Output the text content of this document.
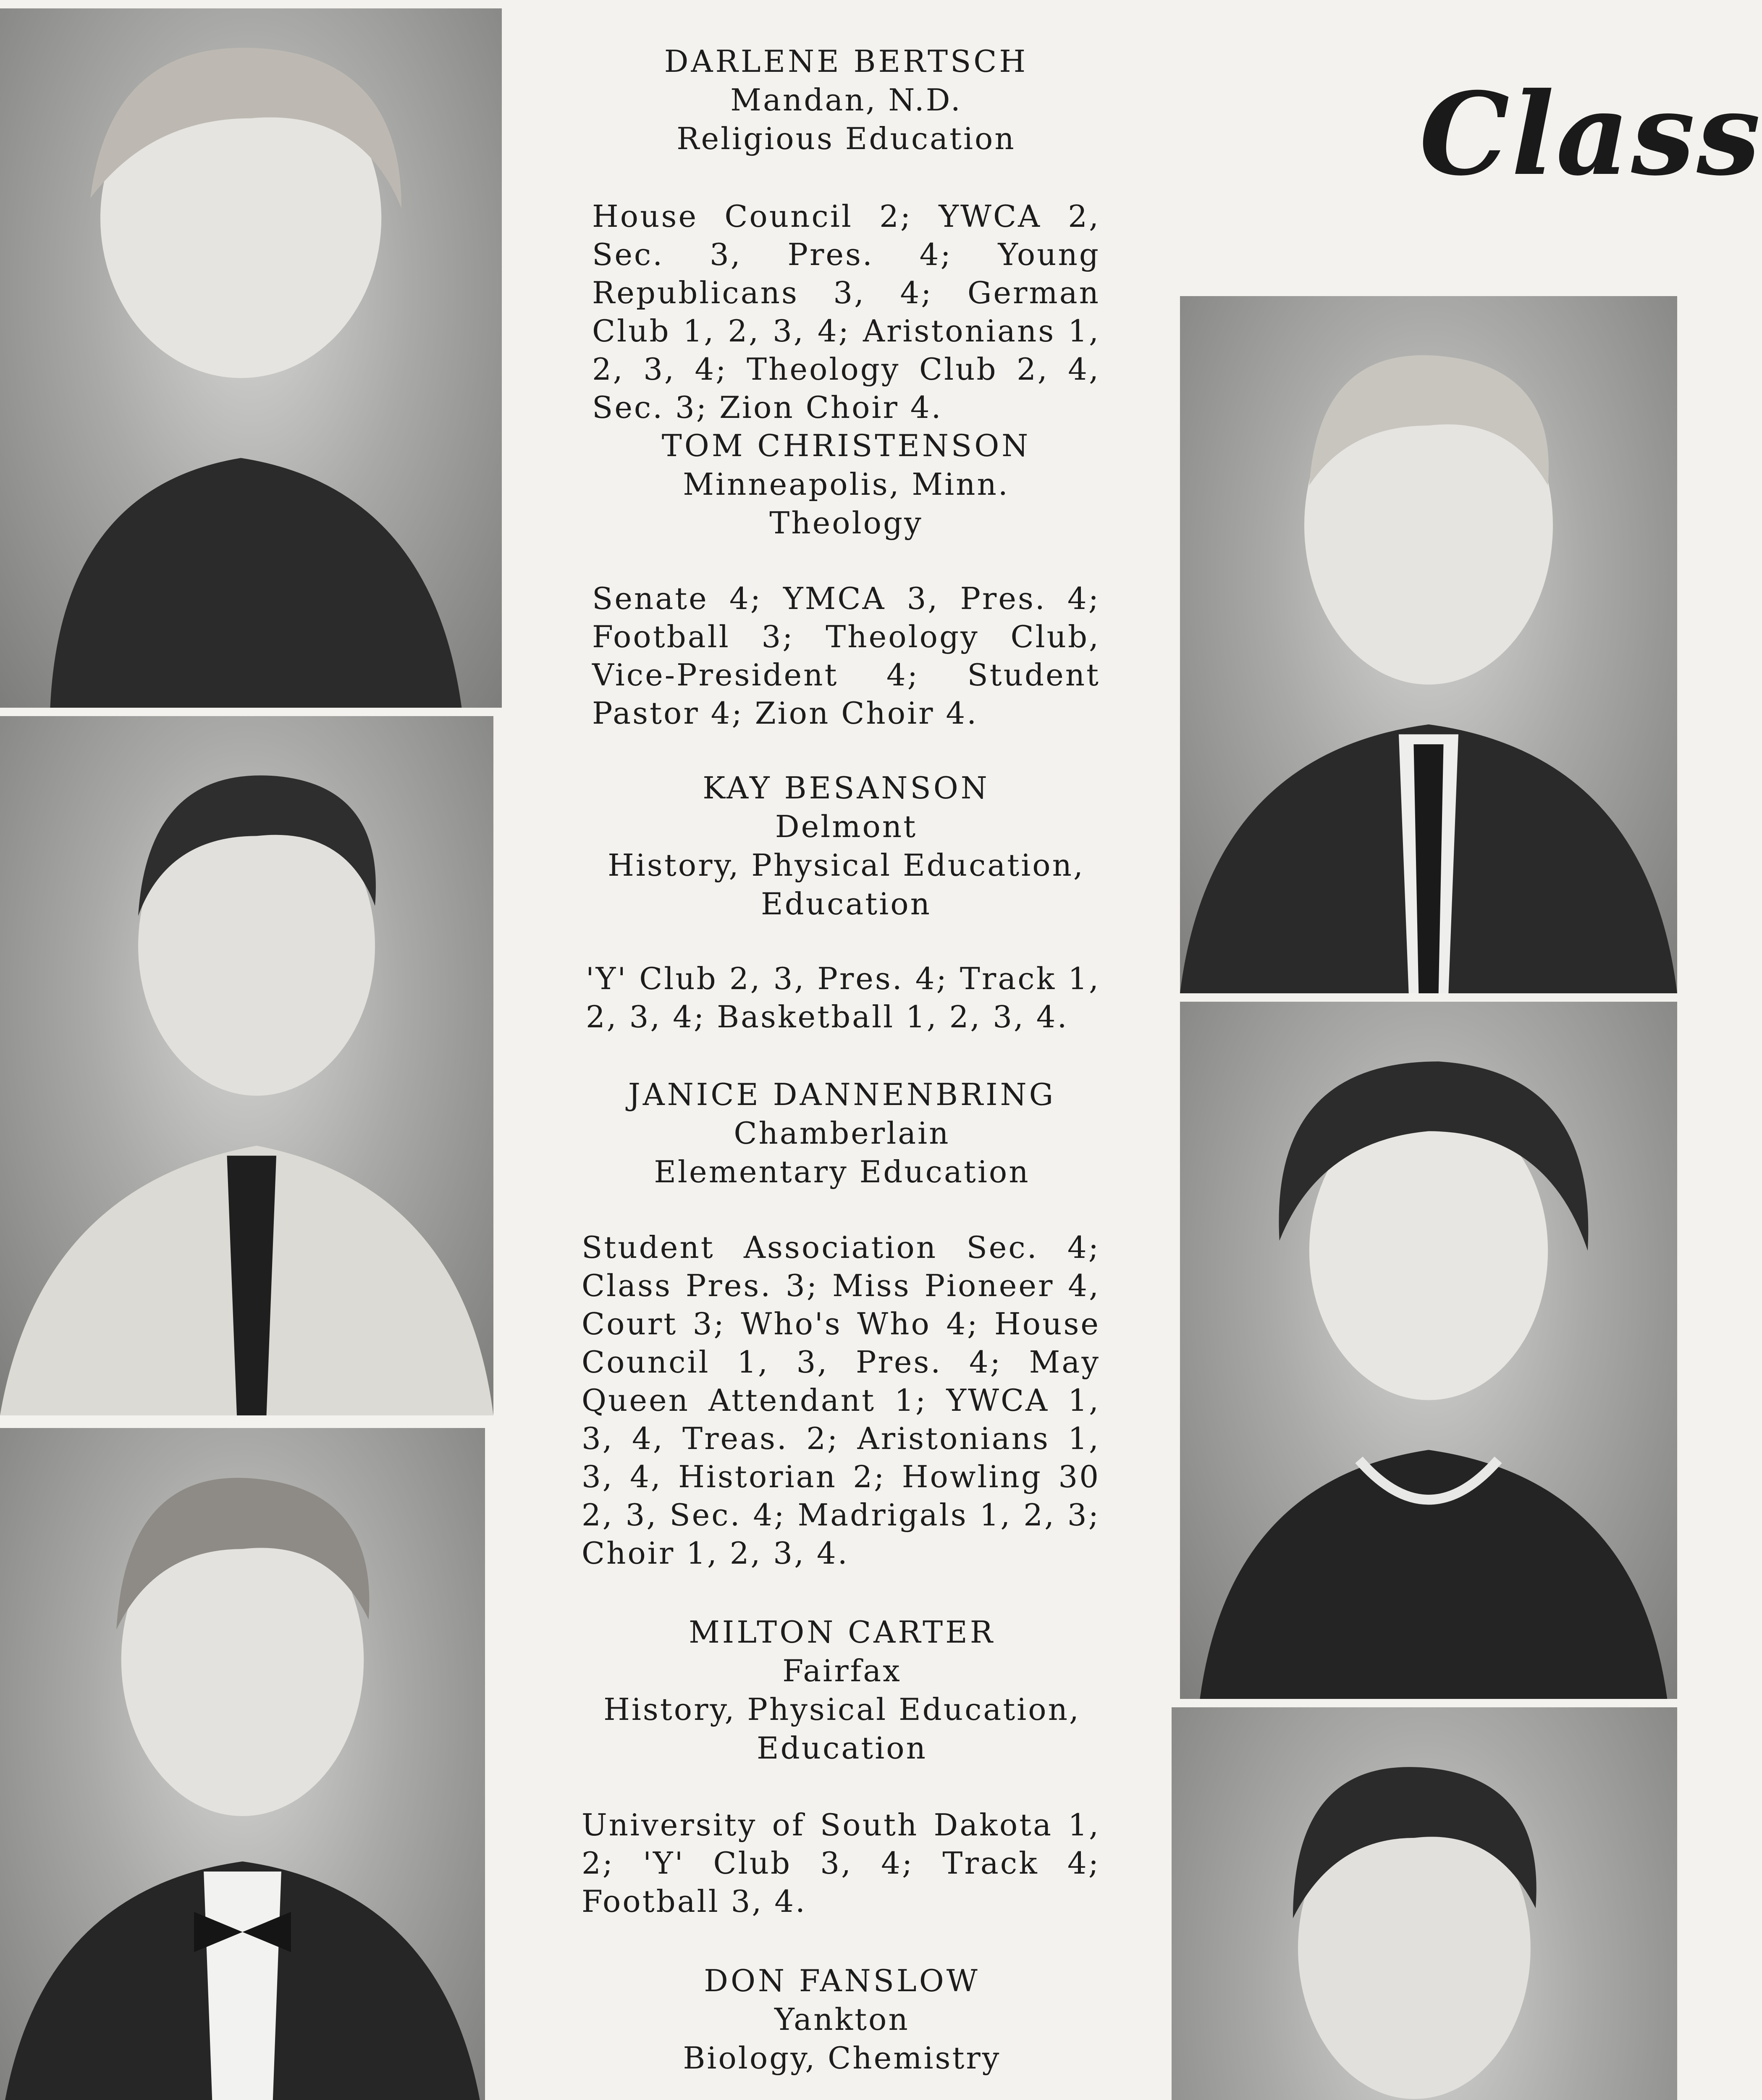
Class
DARLENE BERTSCH
Mandan, N.D.
Religious Education
House Council 2; YWCA 2, Sec. 3, Pres. 4; Young Republicans 3, 4; German Club 1, 2, 3, 4; Aristonians 1, 2, 3, 4; Theology Club 2, 4, Sec. 3; Zion Choir 4.
TOM CHRISTENSON
Minneapolis, Minn.
Theology
Senate 4; YMCA 3, Pres. 4; Football 3; Theology Club, Vice-President 4; Student Pastor 4; Zion Choir 4.
KAY BESANSON
Delmont
History, Physical Education, Education
'Y' Club 2, 3, Pres. 4; Track 1, 2, 3, 4; Basketball 1, 2, 3, 4.
JANICE DANNENBRING
Chamberlain
Elementary Education
Student Association Sec. 4; Class Pres. 3; Miss Pioneer 4, Court 3; Who's Who 4; House Council 1, 3, Pres. 4; May Queen Attendant 1; YWCA 1, 3, 4, Treas. 2; Aristonians 1, 3, 4, Historian 2; Howling 30 2, 3, Sec. 4; Madrigals 1, 2, 3; Choir 1, 2, 3, 4.
MILTON CARTER
Fairfax
History, Physical Education, Education
University of South Dakota 1, 2; 'Y' Club 3, 4; Track 4; Football 3, 4.
DON FANSLOW
Yankton
Biology, Chemistry
